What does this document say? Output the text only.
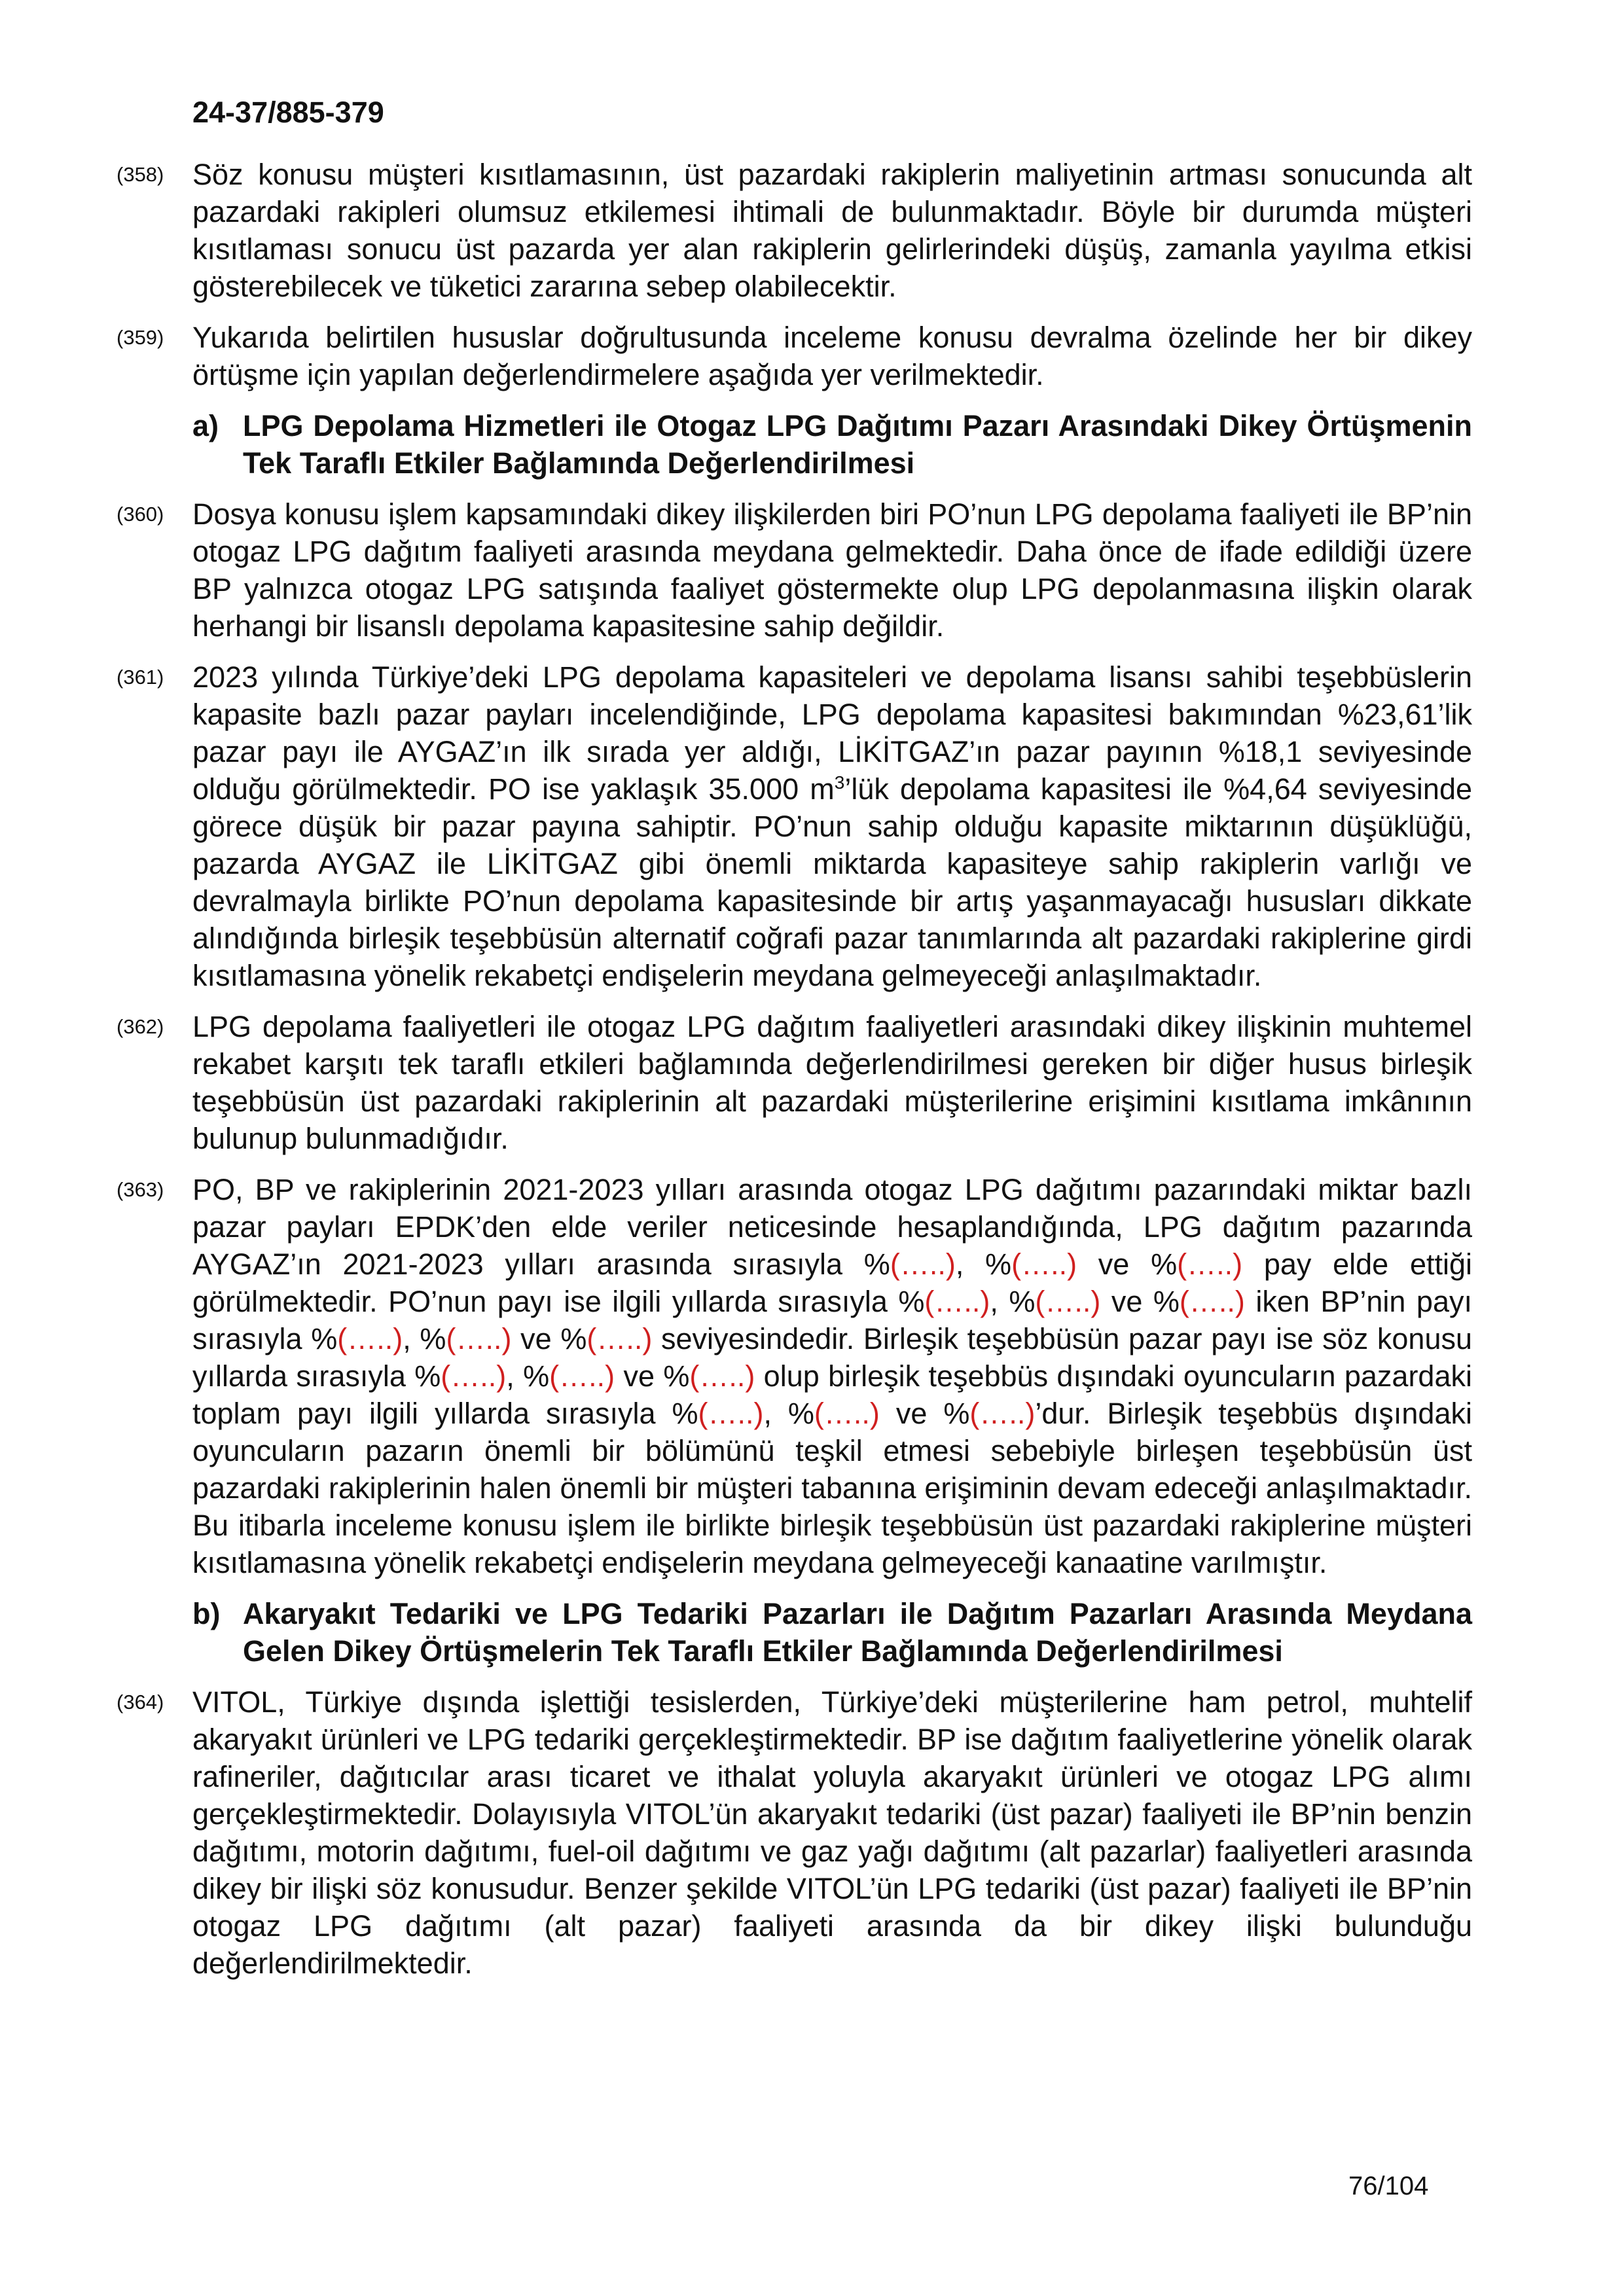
24-37/885-379
(358) Söz konusu müşteri kısıtlamasının, üst pazardaki rakiplerin maliyetinin artması sonucunda alt pazardaki rakipleri olumsuz etkilemesi ihtimali de bulunmaktadır. Böyle bir durumda müşteri kısıtlaması sonucu üst pazarda yer alan rakiplerin gelirlerindeki düşüş, zamanla yayılma etkisi gösterebilecek ve tüketici zararına sebep olabilecektir.
(359) Yukarıda belirtilen hususlar doğrultusunda inceleme konusu devralma özelinde her bir dikey örtüşme için yapılan değerlendirmelere aşağıda yer verilmektedir.
a) LPG Depolama Hizmetleri ile Otogaz LPG Dağıtımı Pazarı Arasındaki Dikey Örtüşmenin Tek Taraflı Etkiler Bağlamında Değerlendirilmesi
(360) Dosya konusu işlem kapsamındaki dikey ilişkilerden biri PO’nun LPG depolama faaliyeti ile BP’nin otogaz LPG dağıtım faaliyeti arasında meydana gelmektedir. Daha önce de ifade edildiği üzere BP yalnızca otogaz LPG satışında faaliyet göstermekte olup LPG depolanmasına ilişkin olarak herhangi bir lisanslı depolama kapasitesine sahip değildir.
(361) 2023 yılında Türkiye’deki LPG depolama kapasiteleri ve depolama lisansı sahibi teşebbüslerin kapasite bazlı pazar payları incelendiğinde, LPG depolama kapasitesi bakımından %23,61’lik pazar payı ile AYGAZ’ın ilk sırada yer aldığı, LİKİTGAZ’ın pazar payının %18,1 seviyesinde olduğu görülmektedir. PO ise yaklaşık 35.000 $m^3’lük$ depolama kapasitesi ile %4,64 seviyesinde görece düşük bir pazar payına sahiptir. PO’nun sahip olduğu kapasite miktarının düşüklüğü, pazarda AYGAZ ile LİKİTGAZ gibi önemli miktarda kapasiteye sahip rakiplerin varlığı ve devralmayla birlikte PO’nun depolama kapasitesinde bir artış yaşanmayacağı hususları dikkate alındığında birleşik teşebbüsün alternatif coğrafi pazar tanımlarında alt pazardaki rakiplerine girdi kısıtlamasına yönelik rekabetçi endişelerin meydana gelmeyeceği anlaşılmaktadır.
(362) LPG depolama faaliyetleri ile otogaz LPG dağıtım faaliyetleri arasındaki dikey ilişkinin muhtemel rekabet karşıtı tek taraflı etkileri bağlamında değerlendirilmesi gereken bir diğer husus birleşik teşebbüsün üst pazardaki rakiplerinin alt pazardaki müşterilerine erişimini kısıtlama imkânının bulunup bulunmadığıdır.
(363) PO, BP ve rakiplerinin 2021-2023 yılları arasında otogaz LPG dağıtımı pazarındaki miktar bazlı pazar payları EPDK’den elde veriler neticesinde hesaplandığında, LPG dağıtım pazarında AYGAZ’ın 2021-2023 yılları arasında sırasıyla %(…..), %(…..) ve %(…..) pay elde ettiği görülmektedir. PO’nun payı ise ilgili yıllarda sırasıyla %(…..), %(…..) ve %(…..) iken BP’nin payı sırasıyla %(…..), %(…..) ve %(…..) seviyesindedir. Birleşik teşebbüsün pazar payı ise söz konusu yıllarda sırasıyla %(…..), %(…..) ve %(…..) olup birleşik teşebbüs dışındaki oyuncuların pazardaki toplam payı ilgili yıllarda sırasıyla %(…..), %(…..) ve %(…..)’dur. Birleşik teşebbüs dışındaki oyuncuların pazarın önemli bir bölümünü teşkil etmesi sebebiyle birleşen teşebbüsün üst pazardaki rakiplerinin halen önemli bir müşteri tabanına erişiminin devam edeceği anlaşılmaktadır. Bu itibarla inceleme konusu işlem ile birlikte birleşik teşebbüsün üst pazardaki rakiplerine müşteri kısıtlamasına yönelik rekabetçi endişelerin meydana gelmeyeceği kanaatine varılmıştır.
b) Akaryakıt Tedariki ve LPG Tedariki Pazarları ile Dağıtım Pazarları Arasında Meydana Gelen Dikey Örtüşmelerin Tek Taraflı Etkiler Bağlamında Değerlendirilmesi
(364) VITOL, Türkiye dışında işlettiği tesislerden, Türkiye’deki müşterilerine ham petrol, muhtelif akaryakıt ürünleri ve LPG tedariki gerçekleştirmektedir. BP ise dağıtım faaliyetlerine yönelik olarak rafineriler, dağıtıcılar arası ticaret ve ithalat yoluyla akaryakıt ürünleri ve otogaz LPG alımı gerçekleştirmektedir. Dolayısıyla VITOL’ün akaryakıt tedariki (üst pazar) faaliyeti ile BP’nin benzin dağıtımı, motorin dağıtımı, fuel-oil dağıtımı ve gaz yağı dağıtımı (alt pazarlar) faaliyetleri arasında dikey bir ilişki söz konusudur. Benzer şekilde VITOL’ün LPG tedariki (üst pazar) faaliyeti ile BP’nin otogaz LPG dağıtımı (alt pazar) faaliyeti arasında da bir dikey ilişki bulunduğu değerlendirilmektedir.
76/104
